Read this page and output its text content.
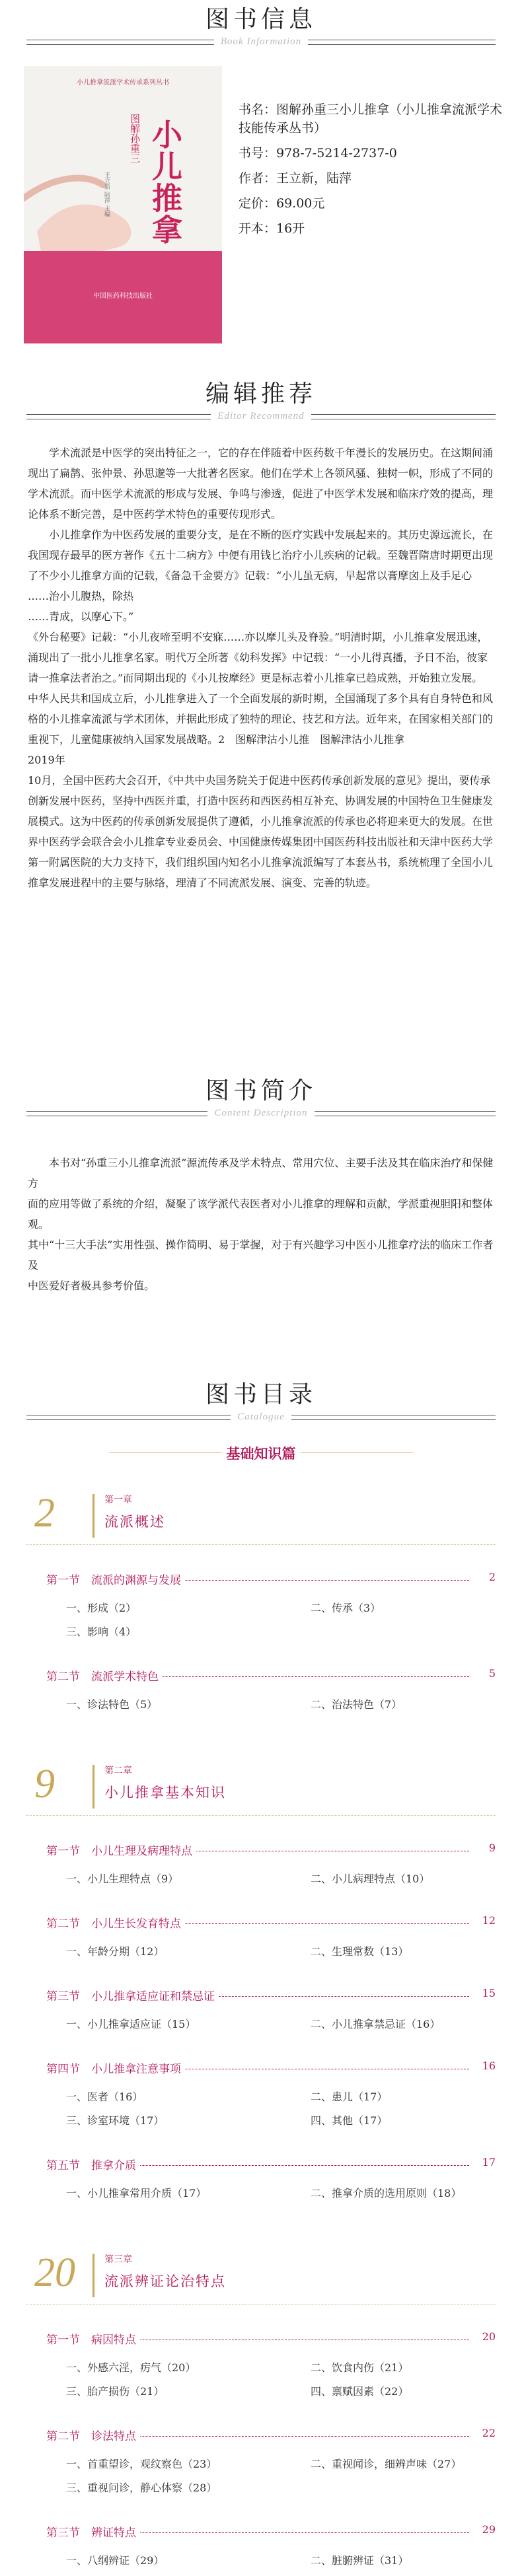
图书信息
Book Information
小儿推拿流派学术传承系列丛书
图解孙重三 小儿推拿
王立新 陆萍 主编
中国医药科技出版社

书名：图解孙重三小儿推拿（小儿推拿流派学术技能传承丛书）

书号：978-7-5214-2737-0

作者：王立新，陆萍

定价：69.00元

开本：16开

编辑推荐
Editor Recommend

　　学术流派是中医学的突出特征之一，它的存在伴随着中医药数千年漫长的发展历史。在这期间涌现出了扁鹊、张仲景、孙思邈等一大批著名医家。他们在学术上各领风骚、独树一帜，形成了不同的学术流派。而中医学术流派的形成与发展、争鸣与渗透，促进了中医学术发展和临床疗效的提高，理论体系不断完善，是中医药学术特色的重要传现形式。

　　小儿推拿作为中医药发展的重要分支，是在不断的医疗实践中发展起来的。其历史源远流长，在我国现存最早的医方著作《五十二病方》中便有用钱匕治疗小儿疾病的记载。至魏晋隋唐时期更出现了不少小儿推拿方面的记载，《备急千金要方》记载：“小儿虽无病，早起常以膏摩囟上及手足心

……治小儿腹热，除热

……青成，以摩心下。”

《外台秘要》记载：“小儿夜啼至明不安寐……亦以摩儿头及脊验。”明清时期，小儿推拿发展迅速，涌现出了一批小儿推拿名家。明代万全所著《幼科发挥》中记载：“一小儿得真播，予日不治，彼家请一推拿法者治之。”而同期出现的《小儿按摩经》更是标志着小儿推拿已趋成熟，开始独立发展。

中华人民共和国成立后，小儿推拿进入了一个全面发展的新时期，全国涌现了多个具有自身特色和风格的小儿推拿流派与学术团体，并据此形成了独特的理论、技艺和方法。近年来，在国家相关部门的重视下，儿童健康被纳入国家发展战略。2　图解津沽小儿推　图解津沽小儿推拿

2019年

10月，全国中医药大会召开，《中共中央国务院关于促进中医药传承创新发展的意见》提出，要传承创新发展中医药，坚持中西医并重，打造中医药和西医药相互补充、协调发展的中国特色卫生健康发展模式。这为中医药的传承创新发展提供了遵循，小儿推拿流派的传承也必将迎来更大的发展。在世界中医药学会联合会小儿推拿专业委员会、中国健康传媒集团中国医药科技出版社和天津中医药大学第一附属医院的大力支持下，我们组织国内知名小儿推拿流派编写了本套丛书，系统梳理了全国小儿推拿发展进程中的主要与脉络，理清了不同流派发展、演变、完善的轨迹。

图书简介
Content Description

　　本书对“孙重三小儿推拿流派”源流传承及学术特点、常用穴位、主要手法及其在临床治疗和保健方

面的应用等做了系统的介绍，凝聚了该学派代表医者对小儿推拿的理解和贡献，学派重视胆阳和整体观。

其中“十三大手法”实用性强、操作简明、易于掌握，对于有兴趣学习中医小儿推拿疗法的临床工作者及

中医爱好者极具参考价值。

图书目录
Catalogue
基础知识篇
2	第一章
流派概述
第一节　流派的渊源与发展	2
一、形成（2）	二、传承（3）
三、影响（4）
第二节　流派学术特色	5
一、诊法特色（5）	二、治法特色（7）
9	第二章
小儿推拿基本知识
第一节　小儿生理及病理特点	9
一、小儿生理特点（9）	二、小儿病理特点（10）
第二节　小儿生长发育特点	12
一、年龄分期（12）	二、生理常数（13）
第三节　小儿推拿适应证和禁忌证	15
一、小儿推拿适应证（15）	二、小儿推拿禁忌证（16）
第四节　小儿推拿注意事项	16
一、医者（16）	二、患儿（17）
三、诊室环境（17）	四、其他（17）
第五节　推拿介质	17
一、小儿推拿常用介质（17）	二、推拿介质的选用原则（18）
20	第三章
流派辨证论治特点
第一节　病因特点	20
一、外感六淫，疠气（20）	二、饮食内伤（21）
三、胎产损伤（21）	四、禀赋因素（22）
第二节　诊法特点	22
一、首重望诊，观纹察色（23）	二、重视闻诊，细辨声味（27）
三、重视问诊，静心体察（28）
第三节　辨证特点	29
一、八纲辨证（29）	二、脏腑辨证（31）
